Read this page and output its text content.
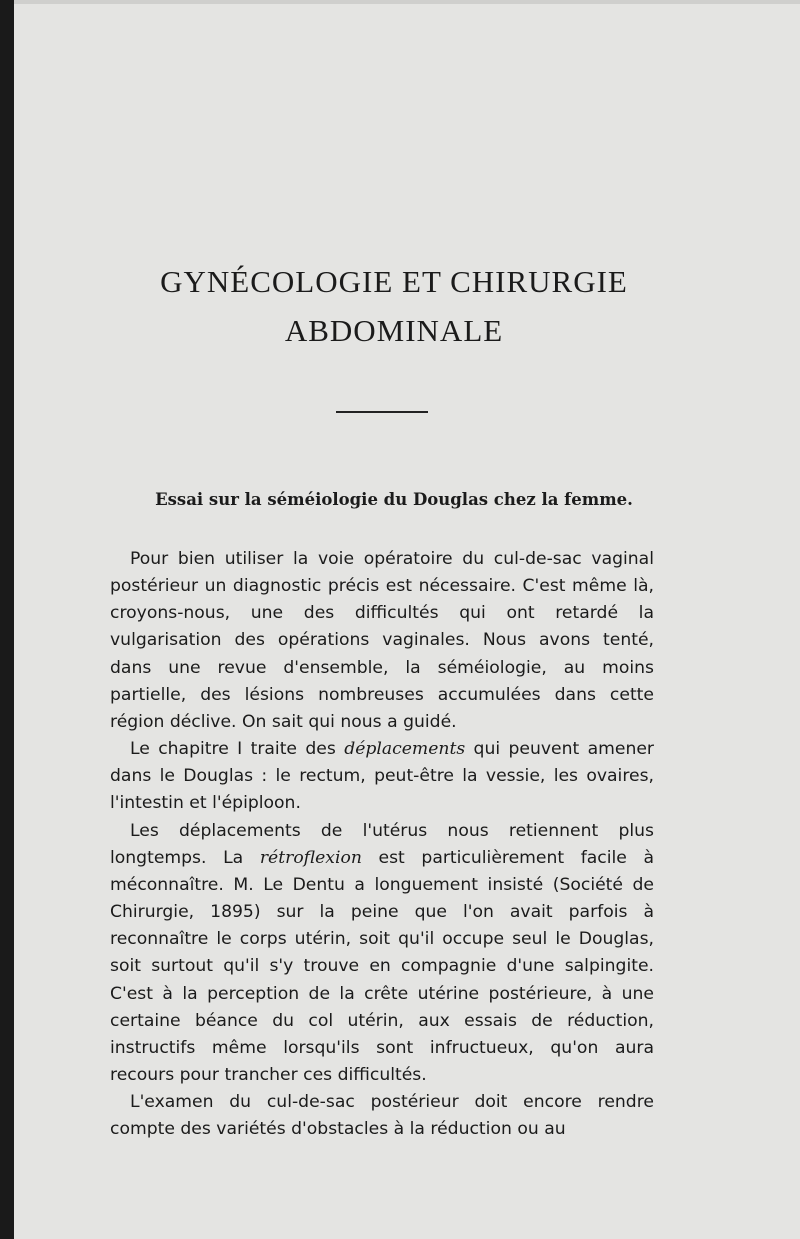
GYNÉCOLOGIE ET CHIRURGIE
ABDOMINALE
Essai sur la séméiologie du Douglas chez la femme.

Pour bien utiliser la voie opératoire du cul-de-sac vaginal postérieur un diagnostic précis est nécessaire. C'est même là, croyons-nous, une des difficultés qui ont retardé la vulgarisation des opérations vaginales. Nous avons tenté, dans une revue d'ensemble, la séméiologie, au moins partielle, des lésions nombreuses accumulées dans cette région déclive. On sait qui nous a guidé.

Le chapitre I traite des déplacements qui peuvent amener dans le Douglas : le rectum, peut-être la vessie, les ovaires, l'intestin et l'épiploon.

Les déplacements de l'utérus nous retiennent plus longtemps. La rétroflexion est particulièrement facile à méconnaître. M. Le Dentu a longuement insisté (Société de Chirurgie, 1895) sur la peine que l'on avait parfois à reconnaître le corps utérin, soit qu'il occupe seul le Douglas, soit surtout qu'il s'y trouve en compagnie d'une salpingite. C'est à la perception de la crête utérine postérieure, à une certaine béance du col utérin, aux essais de réduction, instructifs même lorsqu'ils sont infructueux, qu'on aura recours pour trancher ces difficultés.

L'examen du cul-de-sac postérieur doit encore rendre compte des variétés d'obstacles à la réduction ou au
